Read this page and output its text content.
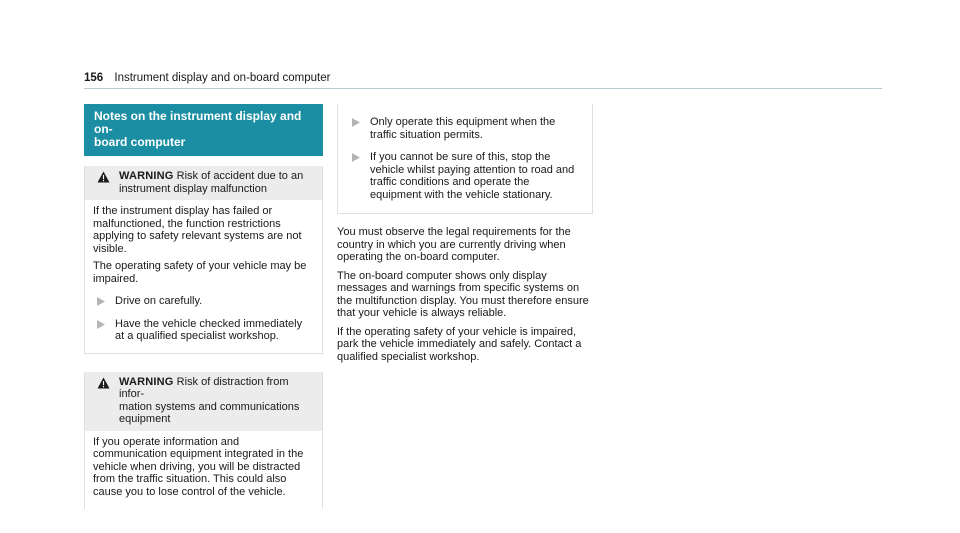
156 Instrument display and on-board computer
Notes on the instrument display and on-
board computer
WARNING Risk of accident due to an
instrument display malfunction

If the instrument display has failed or malfunctioned, the function restrictions applying to safety relevant systems are not visible.

The operating safety of your vehicle may be impaired.

Drive on carefully.
Have the vehicle checked immediately at a qualified specialist workshop.
WARNING Risk of distraction from infor-
mation systems and communications
equipment

If you operate information and communication equipment integrated in the vehicle when driving, you will be distracted from the traffic situation. This could also cause you to lose control of the vehicle.

Only operate this equipment when the traffic situation permits.
If you cannot be sure of this, stop the vehicle whilst paying attention to road and traffic conditions and operate the equipment with the vehicle stationary.

You must observe the legal requirements for the country in which you are currently driving when operating the on-board computer.

The on-board computer shows only display messages and warnings from specific systems on the multifunction display. You must therefore ensure that your vehicle is always reliable.

If the operating safety of your vehicle is impaired, park the vehicle immediately and safely. Contact a qualified specialist workshop.
